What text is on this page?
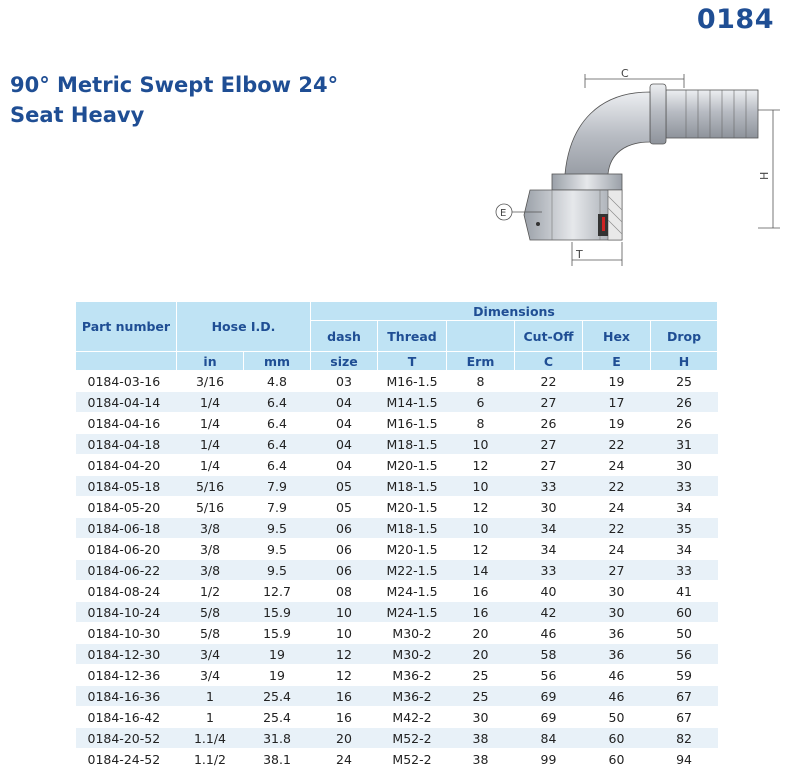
0184
90° Metric Swept Elbow 24°
Seat Heavy
C
H
E
T
Part number	Hose I.D.		Dimensions					
			dash	Thread		Cut-Off	Hex	Drop
	in	mm	size	T	Erm	C	E	H
0184-03-16	3/16	4.8	03	M16-1.5	8	22	19	25
0184-04-14	1/4	6.4	04	M14-1.5	6	27	17	26
0184-04-16	1/4	6.4	04	M16-1.5	8	26	19	26
0184-04-18	1/4	6.4	04	M18-1.5	10	27	22	31
0184-04-20	1/4	6.4	04	M20-1.5	12	27	24	30
0184-05-18	5/16	7.9	05	M18-1.5	10	33	22	33
0184-05-20	5/16	7.9	05	M20-1.5	12	30	24	34
0184-06-18	3/8	9.5	06	M18-1.5	10	34	22	35
0184-06-20	3/8	9.5	06	M20-1.5	12	34	24	34
0184-06-22	3/8	9.5	06	M22-1.5	14	33	27	33
0184-08-24	1/2	12.7	08	M24-1.5	16	40	30	41
0184-10-24	5/8	15.9	10	M24-1.5	16	42	30	60
0184-10-30	5/8	15.9	10	M30-2	20	46	36	50
0184-12-30	3/4	19	12	M30-2	20	58	36	56
0184-12-36	3/4	19	12	M36-2	25	56	46	59
0184-16-36	1	25.4	16	M36-2	25	69	46	67
0184-16-42	1	25.4	16	M42-2	30	69	50	67
0184-20-52	1.1/4	31.8	20	M52-2	38	84	60	82
0184-24-52	1.1/2	38.1	24	M52-2	38	99	60	94
